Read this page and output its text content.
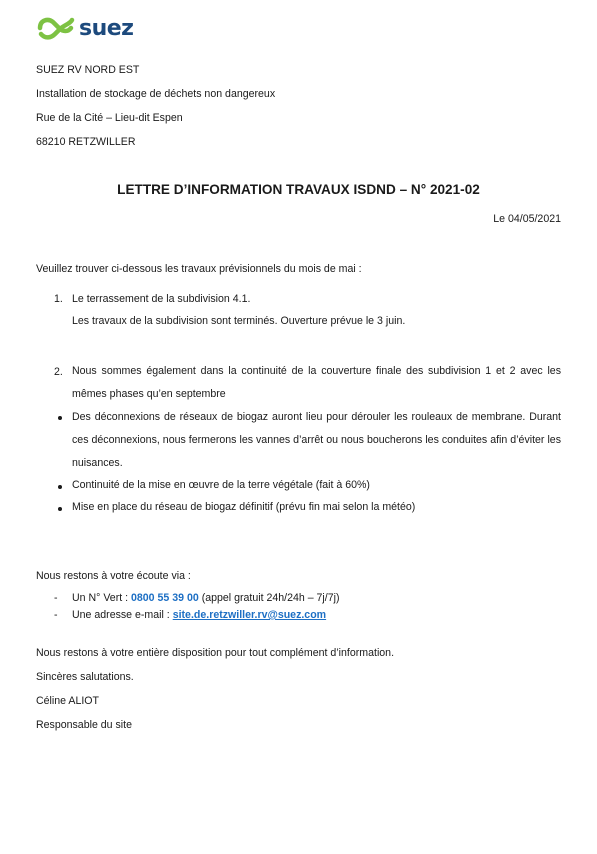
suez
SUEZ RV NORD EST
Installation de stockage de déchets non dangereux
Rue de la Cité – Lieu-dit Espen
68210 RETZWILLER
LETTRE D’INFORMATION TRAVAUX ISDND – N° 2021-02
Le 04/05/2021
Veuillez trouver ci-dessous les travaux prévisionnels du mois de mai :
1. Le terrassement de la subdivision 4.1.
Les travaux de la subdivision sont terminés. Ouverture prévue le 3 juin.
2. Nous sommes également dans la continuité de la couverture finale des subdivision 1 et 2 avec les mêmes phases qu’en septembre
Des déconnexions de réseaux de biogaz auront lieu pour dérouler les rouleaux de membrane. Durant ces déconnexions, nous fermerons les vannes d’arrêt ou nous boucherons les conduites afin d’éviter les nuisances.
Continuité de la mise en œuvre de la terre végétale (fait à 60%)
Mise en place du réseau de biogaz définitif (prévu fin mai selon la météo)
Nous restons à votre écoute via :
- Un N° Vert : 0800 55 39 00 (appel gratuit 24h/24h – 7j/7j)
- Une adresse e-mail : site.de.retzwiller.rv@suez.com
Nous restons à votre entière disposition pour tout complément d’information.
Sincères salutations.
Céline ALIOT
Responsable du site
